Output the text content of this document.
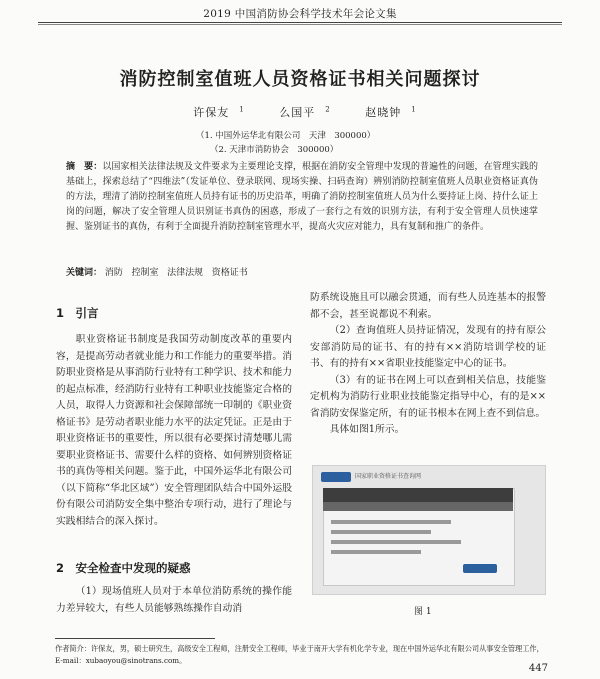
2019 中国消防协会科学技术年会论文集
消防控制室值班人员资格证书相关问题探讨
许保友 $^1$	么国平 $^2$	赵晓钟 $^1$
（1. 中国外运华北有限公司　天津　300000）
（2. 天津市消防协会　300000）
摘　要：以国家相关法律法规及文件要求为主要理论支撑，根据在消防安全管理中发现的普遍性的问题，在管理实践的基础上，探索总结了“四维法”（发证单位、登录联网、现场实操、扫码查询）辨别消防控制室值班人员职业资格证真伪的方法，理清了消防控制室值班人员持有证书的历史沿革，明确了消防控制室值班人员为什么要持证上岗、持什么证上岗的问题，解决了安全管理人员识别证书真伪的困惑，形成了一套行之有效的识别方法，有利于安全管理人员快速掌握、鉴别证书的真伪，有利于全面提升消防控制室管理水平，提高火灾应对能力，具有复制和推广的条件。
关键词： 消防 控制室 法律法规 资格证书
1　引言

职业资格证书制度是我国劳动制度改革的重要内容，是提高劳动者就业能力和工作能力的重要举措。消防职业资格是从事消防行业特有工种学识、技术和能力的起点标准，经消防行业特有工种职业技能鉴定合格的人员，取得人力资源和社会保障部统一印制的《职业资格证书》是劳动者职业能力水平的法定凭证。正是由于职业资格证书的重要性，所以很有必要探讨清楚哪儿需要职业资格证书、需要什么样的资格、如何辨别资格证书的真伪等相关问题。鉴于此，中国外运华北有限公司（以下简称“华北区域”）安全管理团队结合中国外运股份有限公司消防安全集中整治专项行动，进行了理论与实践相结合的深入探讨。

2　安全检查中发现的疑惑

（1）现场值班人员对于本单位消防系统的操作能力差异较大，有些人员能够熟练操作自动消

防系统设施且可以融会贯通，而有些人员连基本的报警都不会，甚至说都说不利索。

（2）查询值班人员持证情况，发现有的持有原公安部消防局的证书、有的持有××消防培训学校的证书、有的持有××省职业技能鉴定中心的证书。

（3）有的证书在网上可以查到相关信息，技能鉴定机构为消防行业职业技能鉴定指导中心，有的是××省消防安保鉴定所，有的证书根本在网上查不到信息。

具体如图1所示。

国家职业资格证书查询网
图 1
作者简介：许保友，男，硕士研究生，高级安全工程师，注册安全工程师，毕业于南开大学有机化学专业，现在中国外运华北有限公司从事安全管理工作，E-mail：xubaoyou@sinotrans.com。
447
